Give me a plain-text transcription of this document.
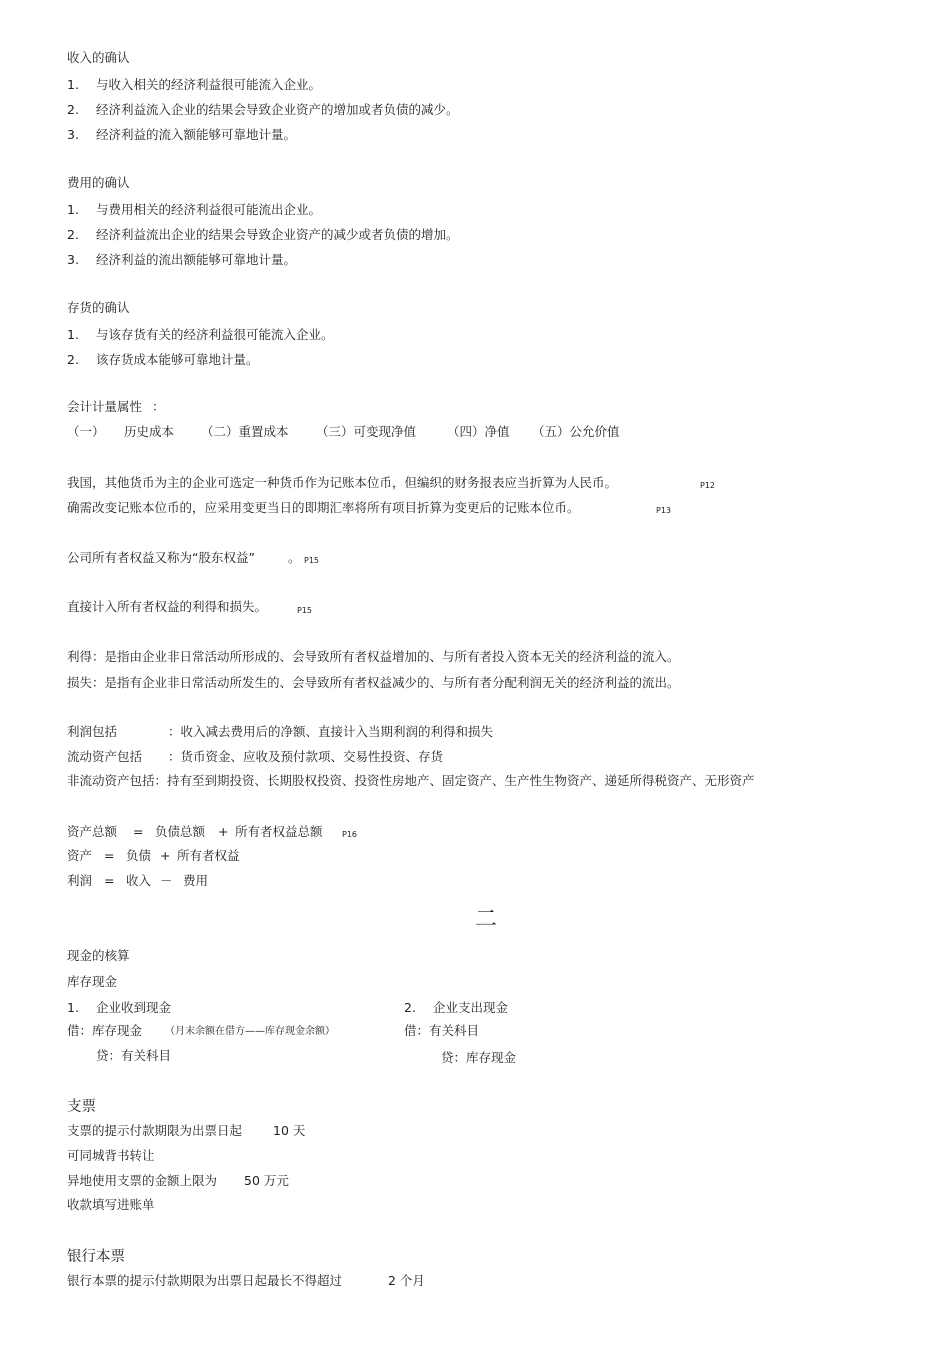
收入的确认
1. 与收入相关的经济利益很可能流入企业。
2. 经济利益流入企业的结果会导致企业资产的增加或者负债的减少。
3. 经济利益的流入额能够可靠地计量。
费用的确认
1. 与费用相关的经济利益很可能流出企业。
2. 经济利益流出企业的结果会导致企业资产的减少或者负债的增加。
3. 经济利益的流出额能够可靠地计量。
存货的确认
1. 与该存货有关的经济利益很可能流入企业。
2. 该存货成本能够可靠地计量。
会计计量属性 ：
（一） 历史成本 （二）重置成本 （三）可变现净值 （四）净值 （五）公允价值
我国，其他货币为主的企业可选定一种货币作为记账本位币，但编织的财务报表应当折算为人民币。	P12
确需改变记账本位币的，应采用变更当日的即期汇率将所有项目折算为变更后的记账本位币。	P13
公司所有者权益又称为“股东权益”	。 P15
直接计入所有者权益的利得和损失。	P15
利得：是指由企业非日常活动所形成的、会导致所有者权益增加的、与所有者投入资本无关的经济利益的流入。
损失：是指有企业非日常活动所发生的、会导致所有者权益减少的、与所有者分配利润无关的经济利益的流出。
利润包括	：收入减去费用后的净额、直接计入当期利润的利得和损失
流动资产包括 ：货币资金、应收及预付款项、交易性投资、存货
非流动资产包括：持有至到期投资、长期股权投资、投资性房地产、固定资产、生产性生物资产、递延所得税资产、无形资产
资产总额 = 负债总额 + 所有者权益总额 P16
资产 = 负债 + 所有者权益
利润 = 收入 － 费用
二
现金的核算
库存现金
1. 企业收到现金	2. 企业支出现金
借：库存现金 （月末余额在借方——库存现金余额）	借：有关科目
贷：有关科目	贷：库存现金
支票
支票的提示付款期限为出票日起 10 天
可同城背书转让
异地使用支票的金额上限为 50 万元
收款填写进账单
银行本票
银行本票的提示付款期限为出票日起最长不得超过	2 个月
